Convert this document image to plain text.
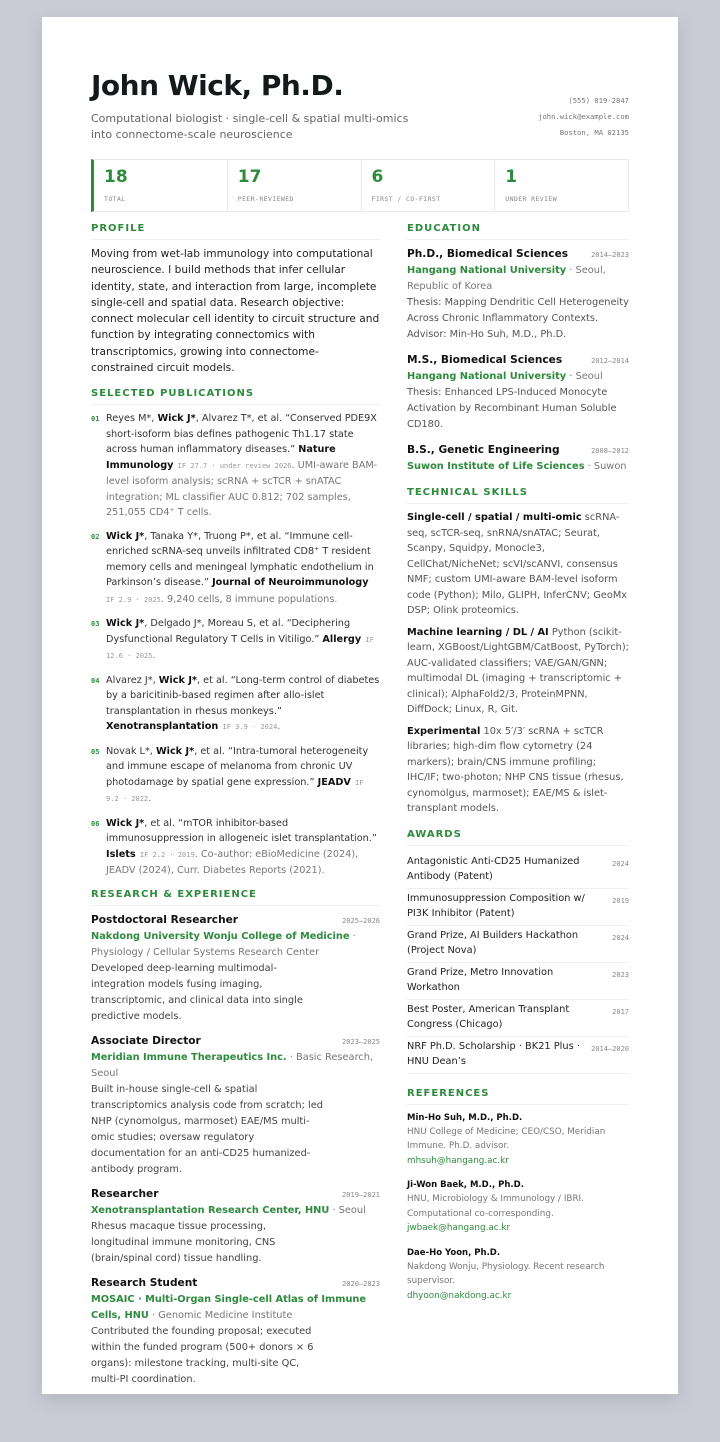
John Wick, Ph.D.
Computational biologist · single-cell & spatial multi-omics into connectome-scale neuroscience
(555) 019-2847
john.wick@example.com
Boston, MA 02135
18
TOTAL
17
PEER-REVIEWED
6
FIRST / CO-FIRST
1
UNDER REVIEW
PROFILE
Moving from wet-lab immunology into computational neuroscience. I build methods that infer cellular identity, state, and interaction from large, incomplete single-cell and spatial data. Research objective: connect molecular cell identity to circuit structure and function by integrating connectomics with transcriptomics, growing into connectome-constrained circuit models.
SELECTED PUBLICATIONS
01 Reyes M*, Wick J*, Alvarez T*, et al. “Conserved PDE9X short-isoform bias defines pathogenic Th1.17 state across human inflammatory diseases.” Nature Immunology IF 27.7 · under review 2026. UMI-aware BAM-level isoform analysis; scRNA + scTCR + snATAC integration; ML classifier AUC 0.812; 702 samples, 251,055 CD4⁺ T cells.
02 Wick J*, Tanaka Y*, Truong P*, et al. “Immune cell-enriched scRNA-seq unveils infiltrated CD8⁺ T resident memory cells and meningeal lymphatic endothelium in Parkinson’s disease.” Journal of Neuroimmunology IF 2.9 · 2025. 9,240 cells, 8 immune populations.
03 Wick J*, Delgado J*, Moreau S, et al. “Deciphering Dysfunctional Regulatory T Cells in Vitiligo.” Allergy IF 12.6 · 2025.
04 Alvarez J*, Wick J*, et al. “Long-term control of diabetes by a baricitinib-based regimen after allo-islet transplantation in rhesus monkeys.” Xenotransplantation IF 3.9 · 2024.
05 Novak L*, Wick J*, et al. “Intra-tumoral heterogeneity and immune escape of melanoma from chronic UV photodamage by spatial gene expression.” JEADV IF 9.2 · 2022.
06 Wick J*, et al. “mTOR inhibitor-based immunosuppression in allogeneic islet transplantation.” Islets IF 2.2 · 2019. Co-author: eBioMedicine (2024), JEADV (2024), Curr. Diabetes Reports (2021).
RESEARCH & EXPERIENCE
Postdoctoral Researcher	2025–2026
Nakdong University Wonju College of Medicine · Physiology / Cellular Systems Research Center
Developed deep-learning multimodal-integration models fusing imaging, transcriptomic, and clinical data into single predictive models.
Associate Director	2023–2025
Meridian Immune Therapeutics Inc. · Basic Research, Seoul
Built in-house single-cell & spatial transcriptomics analysis code from scratch; led NHP (cynomolgus, marmoset) EAE/MS multi-omic studies; oversaw regulatory documentation for an anti-CD25 humanized-antibody program.
Researcher	2019–2021
Xenotransplantation Research Center, HNU · Seoul
Rhesus macaque tissue processing, longitudinal immune monitoring, CNS (brain/spinal cord) tissue handling.
Research Student	2020–2023
MOSAIC · Multi-Organ Single-cell Atlas of Immune Cells, HNU · Genomic Medicine Institute
Contributed the founding proposal; executed within the funded program (500+ donors × 6 organs): milestone tracking, multi-site QC, multi-PI coordination.
EDUCATION
Ph.D., Biomedical Sciences	2014–2023
Hangang National University · Seoul, Republic of Korea
Thesis: Mapping Dendritic Cell Heterogeneity Across Chronic Inflammatory Contexts. Advisor: Min-Ho Suh, M.D., Ph.D.
M.S., Biomedical Sciences	2012–2014
Hangang National University · Seoul
Thesis: Enhanced LPS-Induced Monocyte Activation by Recombinant Human Soluble CD180.
B.S., Genetic Engineering	2008–2012
Suwon Institute of Life Sciences · Suwon
TECHNICAL SKILLS
Single-cell / spatial / multi-omic scRNA-seq, scTCR-seq, snRNA/snATAC; Seurat, Scanpy, Squidpy, Monocle3, CellChat/NicheNet; scVI/scANVI, consensus NMF; custom UMI-aware BAM-level isoform code (Python); Milo, GLIPH, InferCNV; GeoMx DSP; Olink proteomics.
Machine learning / DL / AI Python (scikit-learn, XGBoost/LightGBM/CatBoost, PyTorch); AUC-validated classifiers; VAE/GAN/GNN; multimodal DL (imaging + transcriptomic + clinical); AlphaFold2/3, ProteinMPNN, DiffDock; Linux, R, Git.
Experimental 10x 5′/3′ scRNA + scTCR libraries; high-dim flow cytometry (24 markers); brain/CNS immune profiling; IHC/IF; two-photon; NHP CNS tissue (rhesus, cynomolgus, marmoset); EAE/MS & islet-transplant models.
AWARDS
Antagonistic Anti-CD25 Humanized Antibody (Patent)
2024
Immunosuppression Composition w/ PI3K Inhibitor (Patent)
2019
Grand Prize, AI Builders Hackathon (Project Nova)
2024
Grand Prize, Metro Innovation Workathon
2023
Best Poster, American Transplant Congress (Chicago)
2017
NRF Ph.D. Scholarship · BK21 Plus · HNU Dean’s
2014–2020
REFERENCES
Min-Ho Suh, M.D., Ph.D.
HNU College of Medicine; CEO/CSO, Meridian Immune. Ph.D. advisor.
mhsuh@hangang.ac.kr
Ji-Won Baek, M.D., Ph.D.
HNU, Microbiology & Immunology / IBRI. Computational co-corresponding.
jwbaek@hangang.ac.kr
Dae-Ho Yoon, Ph.D.
Nakdong Wonju, Physiology. Recent research supervisor.
dhyoon@nakdong.ac.kr
